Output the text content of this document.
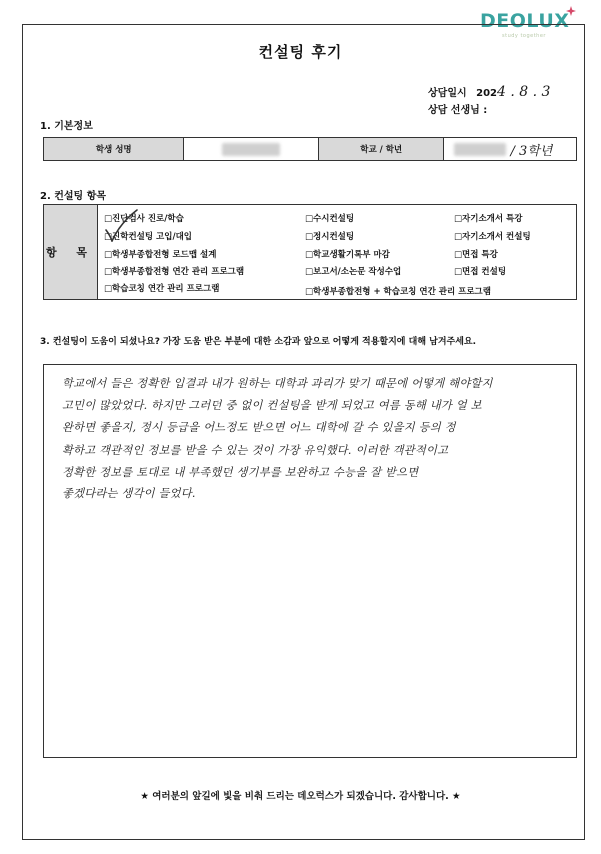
DEOLUX
study together
컨설팅 후기
상담일시 2024 . 8 . 3
상담 선생님 :
1. 기본정보
학생 성명	학교 / 학년	/ 3학년
2. 컨설팅 항목
항 목
□진단검사 진로/학습
□진학컨설팅 고입/대입
□학생부종합전형 로드맵 설계
□학생부종합전형 연간 관리 프로그램
□학습코칭 연간 관리 프로그램
□수시컨설팅
□정시컨설팅
□학교생활기록부 마감
□보고서/소논문 작성수업
□학생부종합전형 + 학습코칭 연간 관리 프로그램
□자기소개서 특강
□자기소개서 컨설팅
□면접 특강
□면접 컨설팅
3. 컨설팅이 도움이 되셨나요? 가장 도움 받은 부분에 대한 소감과 앞으로 어떻게 적용할지에 대해 남겨주세요.
학교에서 들은 정확한 입결과 내가 원하는 대학과 과리가 맞기 때문에 어떻게 해야할지
고민이 많았었다. 하지만 그러던 중 없이 컨설팅을 받게 되었고 여름 동해 내가 얼 보
완하면 좋을지, 정시 등급을 어느정도 받으면 어느 대학에 갈 수 있을지 등의 정
확하고 객관적인 정보를 받을 수 있는 것이 가장 유익했다. 이러한 객관적이고
정확한 정보를 토대로 내 부족했던 생기부를 보완하고 수능을 잘 받으면
좋겠다라는 생각이 들었다.
★ 여러분의 앞길에 빛을 비춰 드리는 데오럭스가 되겠습니다. 감사합니다. ★
